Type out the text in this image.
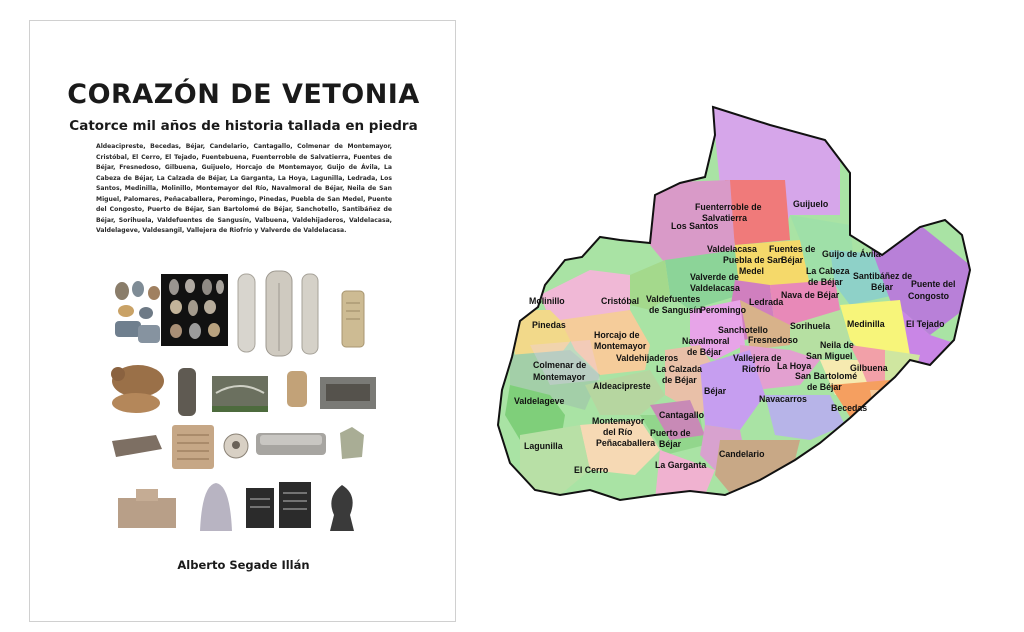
CORAZÓN DE VETONIA
Catorce mil años de historia tallada en piedra

Aldeacipreste, Becedas, Béjar, Candelario, Cantagallo, Colmenar de Montemayor, Cristóbal, El Cerro, El Tejado, Fuentebuena, Fuenterroble de Salvatierra, Fuentes de Béjar, Fresnedoso, Gilbuena, Guijuelo, Horcajo de Montemayor, Guijo de Ávila, La Cabeza de Béjar, La Calzada de Béjar, La Garganta, La Hoya, Lagunilla, Ledrada, Los Santos, Medinilla, Molinillo, Montemayor del Río, Navalmoral de Béjar, Neila de San Miguel, Palomares, Peñacaballera, Peromingo, Pinedas, Puebla de San Medel, Puente del Congosto, Puerto de Béjar, San Bartolomé de Béjar, Sanchotello, Santibáñez de Béjar, Sorihuela, Valdefuentes de Sangusín, Valbuena, Valdehijaderos, Valdelacasa, Valdelageve, Valdesangil, Vallejera de Riofrío y Valverde de Valdelacasa.

Alberto Segade Illán
Fuenterroble de
Salvatierra
Guijuelo
Los Santos
Valdelacasa Fuentes de
Béjar
Puebla de San
Medel
Guijo de Ávila
La Cabeza
de Béjar
Santibáñez de
Béjar Puente del
Congosto
Valverde de
Valdelacasa
Molinillo	Cristóbal Valdefuentes
de Sangusín
Ledrada
Nava de Béjar
Peromingo
El Tejado
Pinedas
Horcajo de
Montemayor
Sanchotello
Fresnedoso
Sorihuela Medinilla
Navalmoral
de Béjar
Valdehijaderos	Vallejera de
Riofrío
Neila de
San Miguel
Colmenar de
Montemayor
La Calzada
de Béjar
La Hoya
San Bartolomé
de Béjar
Gilbuena
Aldeacipreste	Béjar
Valdelageve	Navacarros
Becedas
Cantagallo
Montemayor
del Río
Peñacaballera
Puerto de
Béjar
Candelario
Lagunilla
La Garganta
El Cerro
